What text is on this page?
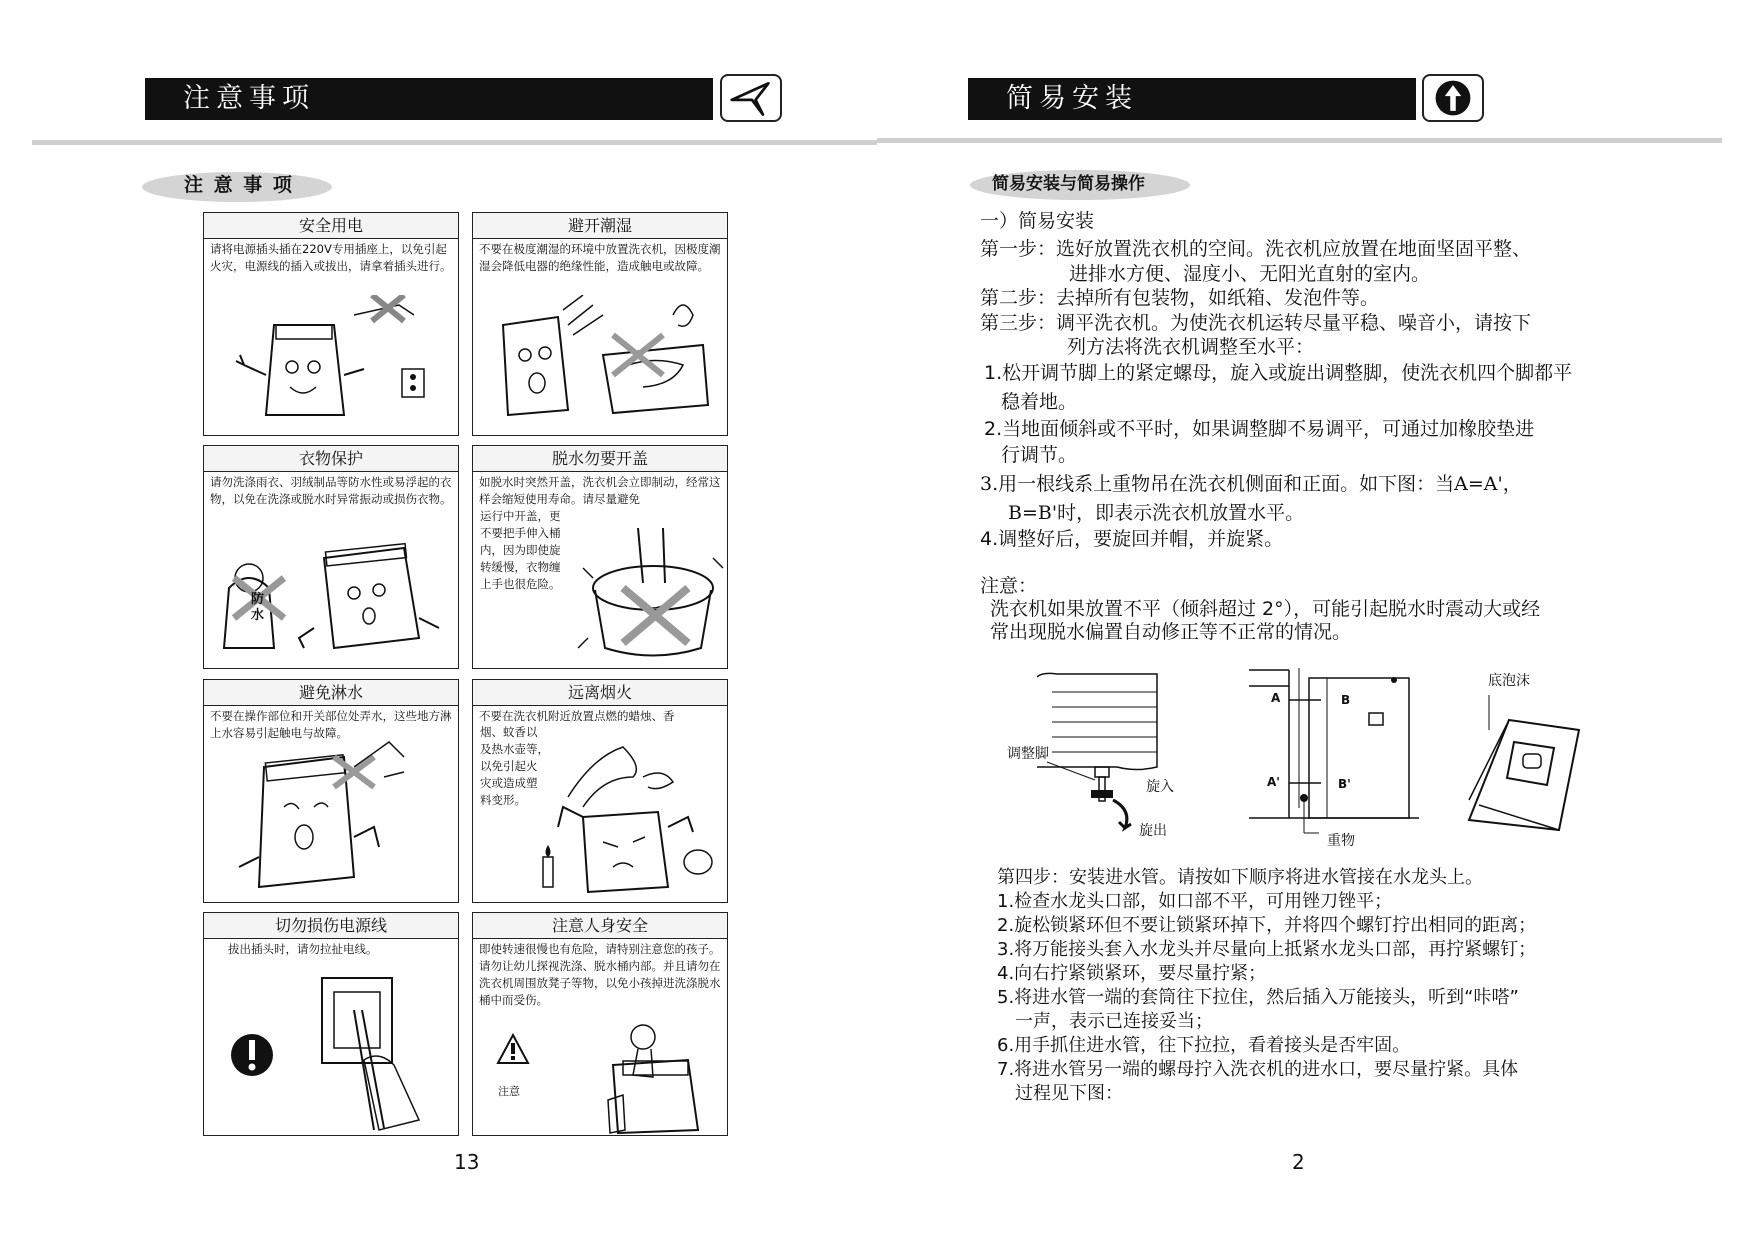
注意事项
注 意 事 项
安全用电
请将电源插头插在220V专用插座上，以免引起火灾，电源线的插入或拔出，请拿着插头进行。
避开潮湿
不要在极度潮湿的环境中放置洗衣机，因极度潮湿会降低电器的绝缘性能，造成触电或故障。
衣物保护
请勿洗涤雨衣、羽绒制品等防水性或易浮起的衣物，以免在洗涤或脱水时异常振动或损伤衣物。
防水
脱水勿要开盖
如脱水时突然开盖，洗衣机会立即制动，经常这样会缩短使用寿命。请尽量避免
运行中开盖，更
不要把手伸入桶
内，因为即使旋
转缓慢，衣物缠
上手也很危险。
避免淋水
不要在操作部位和开关部位处弄水，这些地方淋上水容易引起触电与故障。
远离烟火
不要在洗衣机附近放置点燃的蜡烛、香
烟、蚊香以
及热水壶等，
以免引起火
灾或造成塑
料变形。
切勿损伤电源线
拔出插头时，请勿拉扯电线。
注意人身安全
即使转速很慢也有危险，请特别注意您的孩子。请勿让幼儿探视洗涤、脱水桶内部。并且请勿在洗衣机周围放凳子等物，以免小孩掉进洗涤脱水桶中而受伤。
注意
13
简易安装
简易安装与简易操作
一）简易安装
第一步：选好放置洗衣机的空间。洗衣机应放置在地面坚固平整、
进排水方便、湿度小、无阳光直射的室内。
第二步：去掉所有包装物，如纸箱、发泡件等。
第三步：调平洗衣机。为使洗衣机运转尽量平稳、噪音小，请按下
列方法将洗衣机调整至水平：
1.松开调节脚上的紧定螺母，旋入或旋出调整脚，使洗衣机四个脚都平
稳着地。
2.当地面倾斜或不平时，如果调整脚不易调平，可通过加橡胶垫进
行调节。
3.用一根线系上重物吊在洗衣机侧面和正面。如下图：当A=A'，
B=B'时，即表示洗衣机放置水平。
4.调整好后，要旋回并帽，并旋紧。
注意：
洗衣机如果放置不平（倾斜超过 2°），可能引起脱水时震动大或经
常出现脱水偏置自动修正等不正常的情况。
调整脚
旋入
旋出
A	B
A'	B'
重物
底泡沫
第四步：安装进水管。请按如下顺序将进水管接在水龙头上。
1.检查水龙头口部，如口部不平，可用锉刀锉平；
2.旋松锁紧环但不要让锁紧环掉下，并将四个螺钉拧出相同的距离；
3.将万能接头套入水龙头并尽量向上抵紧水龙头口部，再拧紧螺钉；
4.向右拧紧锁紧环，要尽量拧紧；
5.将进水管一端的套筒往下拉住，然后插入万能接头，听到“咔嗒”
一声，表示已连接妥当；
6.用手抓住进水管，往下拉拉，看着接头是否牢固。
7.将进水管另一端的螺母拧入洗衣机的进水口，要尽量拧紧。具体
过程见下图：
2
